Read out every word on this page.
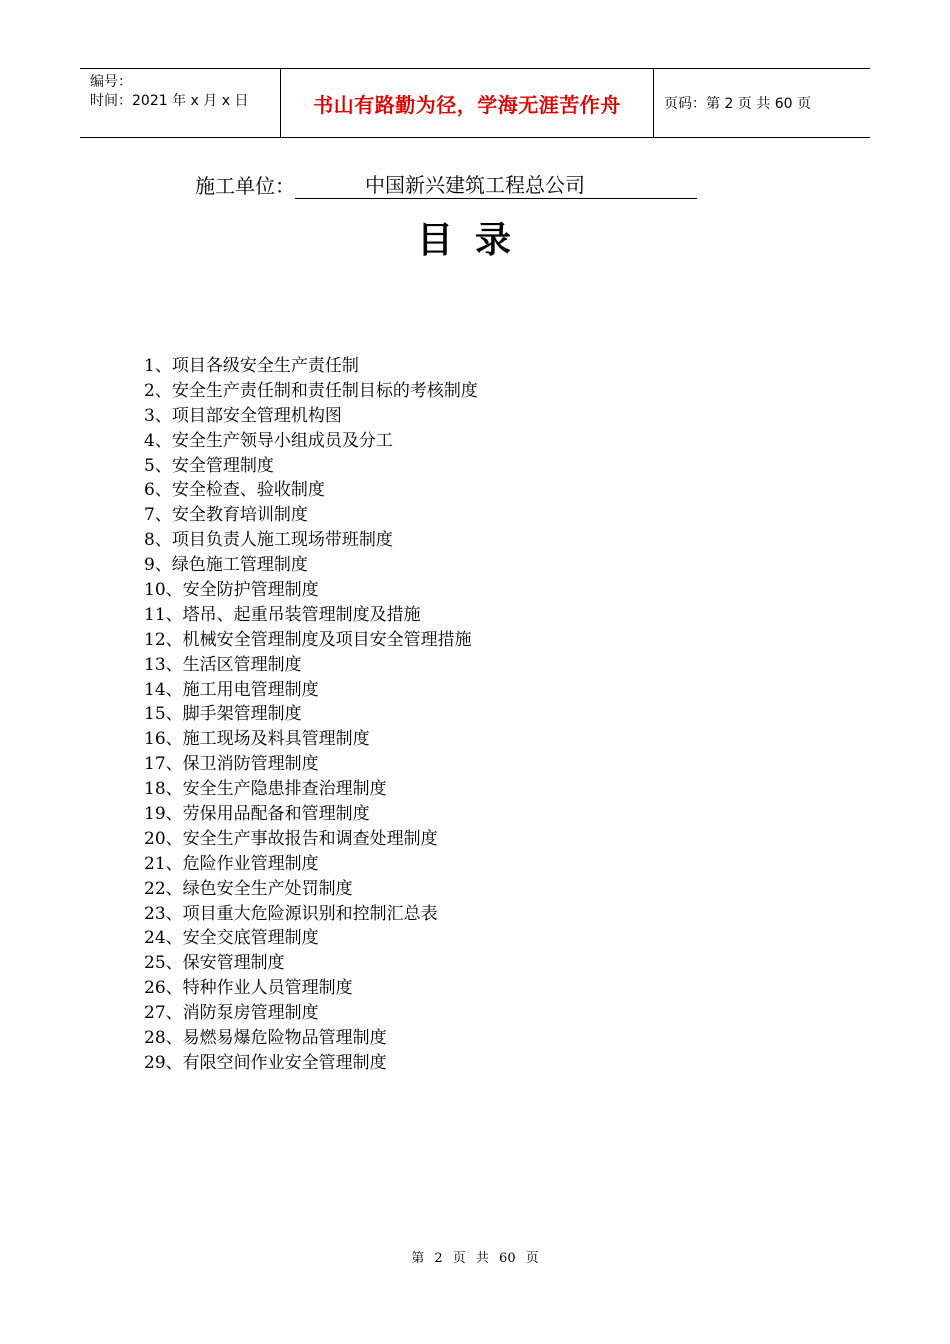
编号：
时间：2021 年 x 月 x 日	书山有路勤为径，学海无涯苦作舟	页码：第 2 页 共 60 页
施工单位：	中国新兴建筑工程总公司
目录
1、项目各级安全生产责任制
2、安全生产责任制和责任制目标的考核制度
3、项目部安全管理机构图
4、安全生产领导小组成员及分工
5、安全管理制度
6、安全检查、验收制度
7、安全教育培训制度
8、项目负责人施工现场带班制度
9、绿色施工管理制度
10、安全防护管理制度
11、塔吊、起重吊装管理制度及措施
12、机械安全管理制度及项目安全管理措施
13、生活区管理制度
14、施工用电管理制度
15、脚手架管理制度
16、施工现场及料具管理制度
17、保卫消防管理制度
18、安全生产隐患排查治理制度
19、劳保用品配备和管理制度
20、安全生产事故报告和调查处理制度
21、危险作业管理制度
22、绿色安全生产处罚制度
23、项目重大危险源识别和控制汇总表
24、安全交底管理制度
25、保安管理制度
26、特种作业人员管理制度
27、消防泵房管理制度
28、易燃易爆危险物品管理制度
29、有限空间作业安全管理制度
第 2 页 共 60 页
